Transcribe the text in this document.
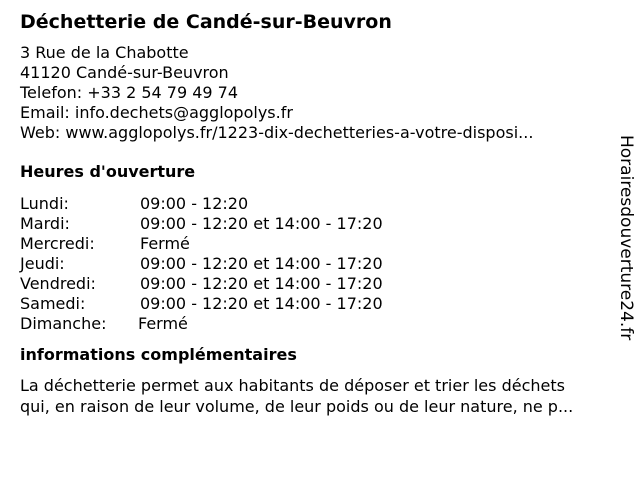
Déchetterie de Candé-sur-Beuvron
3 Rue de la Chabotte
41120 Candé-sur-Beuvron
Telefon: +33 2 54 79 49 74
Email: info.dechets@agglopolys.fr
Web: www.agglopolys.fr/1223-dix-dechetteries-a-votre-disposi...
Heures d'ouverture
Lundi:	09:00 - 12:20
Mardi:	09:00 - 12:20 et 14:00 - 17:20
Mercredi:	Fermé
Jeudi:	09:00 - 12:20 et 14:00 - 17:20
Vendredi:	09:00 - 12:20 et 14:00 - 17:20
Samedi:	09:00 - 12:20 et 14:00 - 17:20
Dimanche:	Fermé
informations complémentaires
La déchetterie permet aux habitants de déposer et trier les déchets
qui, en raison de leur volume, de leur poids ou de leur nature, ne p...
Horairesdouverture24.fr
